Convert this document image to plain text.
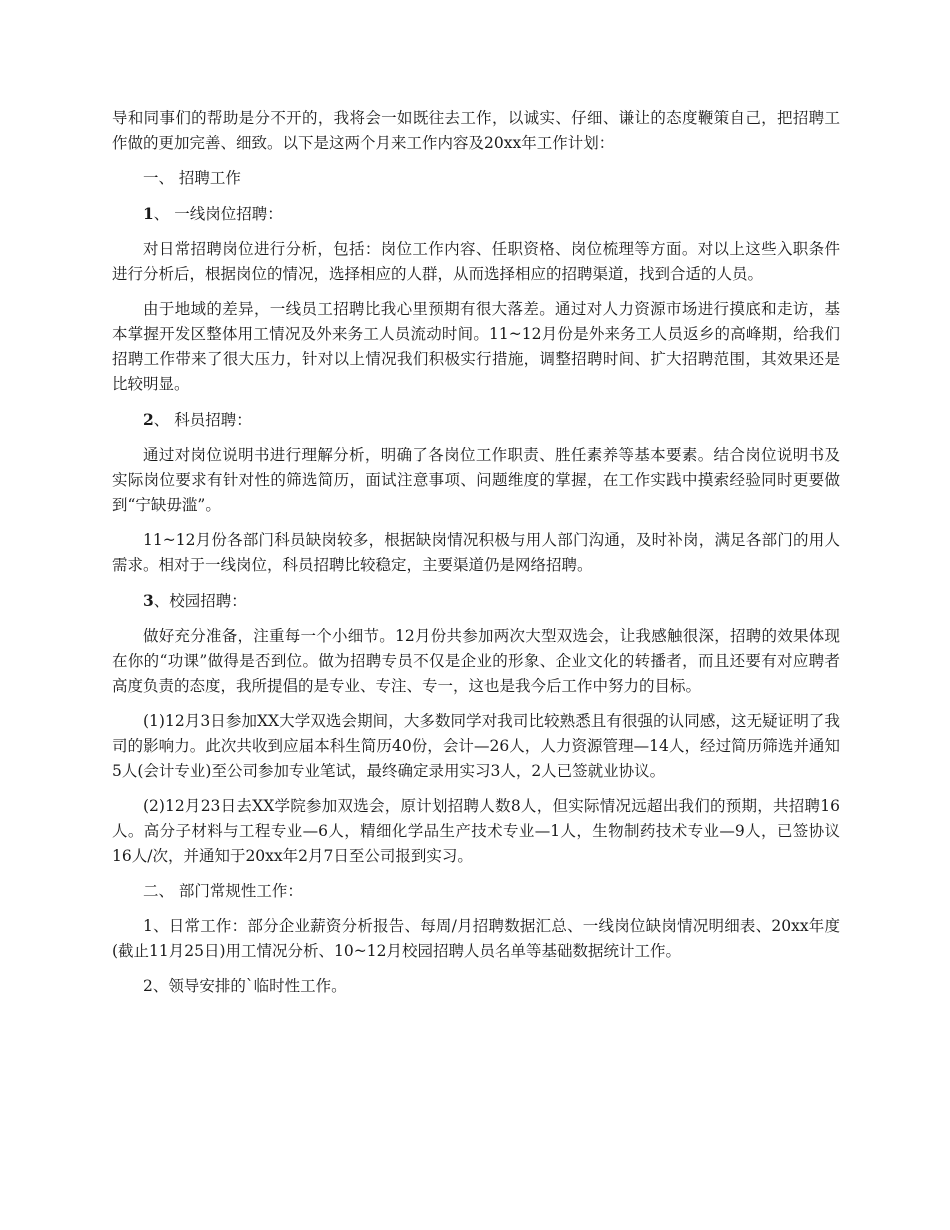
导和同事们的帮助是分不开的，我将会一如既往去工作，以诚实、仔细、谦让的态度鞭策自己，把招聘工作做的更加完善、细致。以下是这两个月来工作内容及20xx年工作计划：

一、 招聘工作

1、 一线岗位招聘：

对日常招聘岗位进行分析，包括：岗位工作内容、任职资格、岗位梳理等方面。对以上这些入职条件进行分析后，根据岗位的情况，选择相应的人群，从而选择相应的招聘渠道，找到合适的人员。

由于地域的差异，一线员工招聘比我心里预期有很大落差。通过对人力资源市场进行摸底和走访，基本掌握开发区整体用工情况及外来务工人员流动时间。11~12月份是外来务工人员返乡的高峰期，给我们招聘工作带来了很大压力，针对以上情况我们积极实行措施，调整招聘时间、扩大招聘范围，其效果还是比较明显。

2、 科员招聘：

通过对岗位说明书进行理解分析，明确了各岗位工作职责、胜任素养等基本要素。结合岗位说明书及实际岗位要求有针对性的筛选简历，面试注意事项、问题维度的掌握，在工作实践中摸索经验同时更要做到“宁缺毋滥”。

11~12月份各部门科员缺岗较多，根据缺岗情况积极与用人部门沟通，及时补岗，满足各部门的用人需求。相对于一线岗位，科员招聘比较稳定，主要渠道仍是网络招聘。

3、校园招聘：

做好充分准备，注重每一个小细节。12月份共参加两次大型双选会，让我感触很深，招聘的效果体现在你的“功课”做得是否到位。做为招聘专员不仅是企业的形象、企业文化的转播者，而且还要有对应聘者高度负责的态度，我所提倡的是专业、专注、专一，这也是我今后工作中努力的目标。

(1)12月3日参加XX大学双选会期间，大多数同学对我司比较熟悉且有很强的认同感，这无疑证明了我司的影响力。此次共收到应届本科生简历40份，会计—26人，人力资源管理—14人，经过简历筛选并通知5人(会计专业)至公司参加专业笔试，最终确定录用实习3人，2人已签就业协议。

(2)12月23日去XX学院参加双选会，原计划招聘人数8人，但实际情况远超出我们的预期，共招聘16人。高分子材料与工程专业—6人，精细化学品生产技术专业—1人，生物制药技术专业—9人，已签协议16人/次，并通知于20xx年2月7日至公司报到实习。

二、 部门常规性工作：

1、日常工作：部分企业薪资分析报告、每周/月招聘数据汇总、一线岗位缺岗情况明细表、20xx年度(截止11月25日)用工情况分析、10~12月校园招聘人员名单等基础数据统计工作。

2、领导安排的`临时性工作。
